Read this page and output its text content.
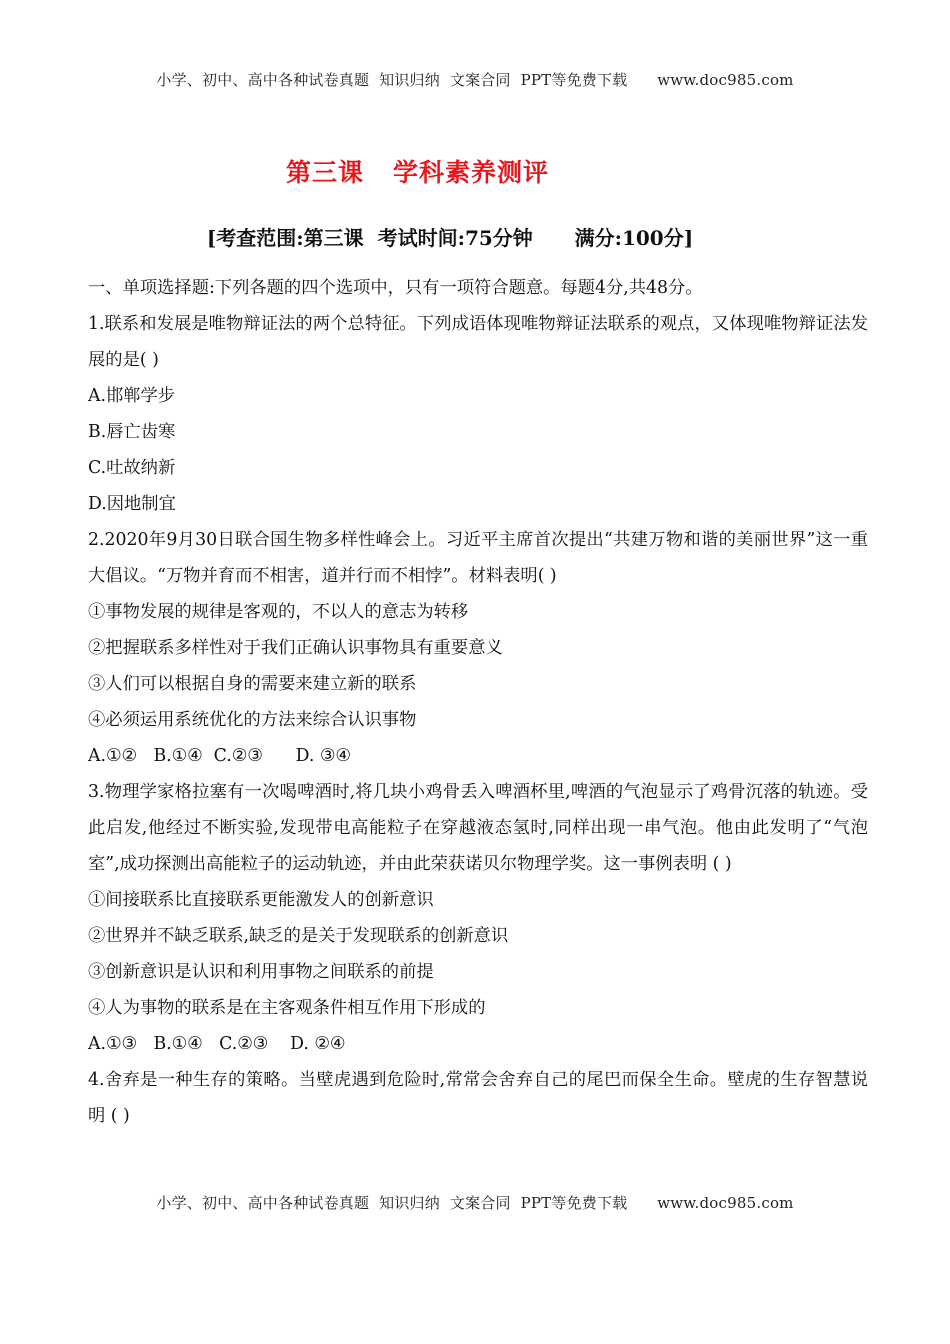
小学、初中、高中各种试卷真题  知识归纳  文案合同  PPT等免费下载      www.doc985.com
第三课   学科素养测评
[考查范围:第三课  考试时间:75分钟      满分:100分]
一、单项选择题:下列各题的四个选项中，只有一项符合题意。每题4分,共48分。
1.联系和发展是唯物辩证法的两个总特征。下列成语体现唯物辩证法联系的观点，又体现唯物辩证法发展的是( )
A.邯郸学步
B.唇亡齿寒
C.吐故纳新
D.因地制宜
2.2020年9月30日联合国生物多样性峰会上。习近平主席首次提出“共建万物和谐的美丽世界”这一重大倡议。“万物并育而不相害，道并行而不相悖”。材料表明( )
①事物发展的规律是客观的，不以人的意志为转移
②把握联系多样性对于我们正确认识事物具有重要意义
③人们可以根据自身的需要来建立新的联系
④必须运用系统优化的方法来综合认识事物
A.①②   B.①④  C.②③      D. ③④
3.物理学家格拉塞有一次喝啤酒时,将几块小鸡骨丢入啤酒杯里,啤酒的气泡显示了鸡骨沉落的轨迹。受此启发,他经过不断实验,发现带电高能粒子在穿越液态氢时,同样出现一串气泡。他由此发明了“气泡室”,成功探测出高能粒子的运动轨迹，并由此荣获诺贝尔物理学奖。这一事例表明 ( )
①间接联系比直接联系更能激发人的创新意识
②世界并不缺乏联系,缺乏的是关于发现联系的创新意识
③创新意识是认识和利用事物之间联系的前提
④人为事物的联系是在主客观条件相互作用下形成的
A.①③   B.①④   C.②③    D. ②④
4.舍弃是一种生存的策略。当壁虎遇到危险时,常常会舍弃自己的尾巴而保全生命。壁虎的生存智慧说明 ( )
小学、初中、高中各种试卷真题  知识归纳  文案合同  PPT等免费下载      www.doc985.com
